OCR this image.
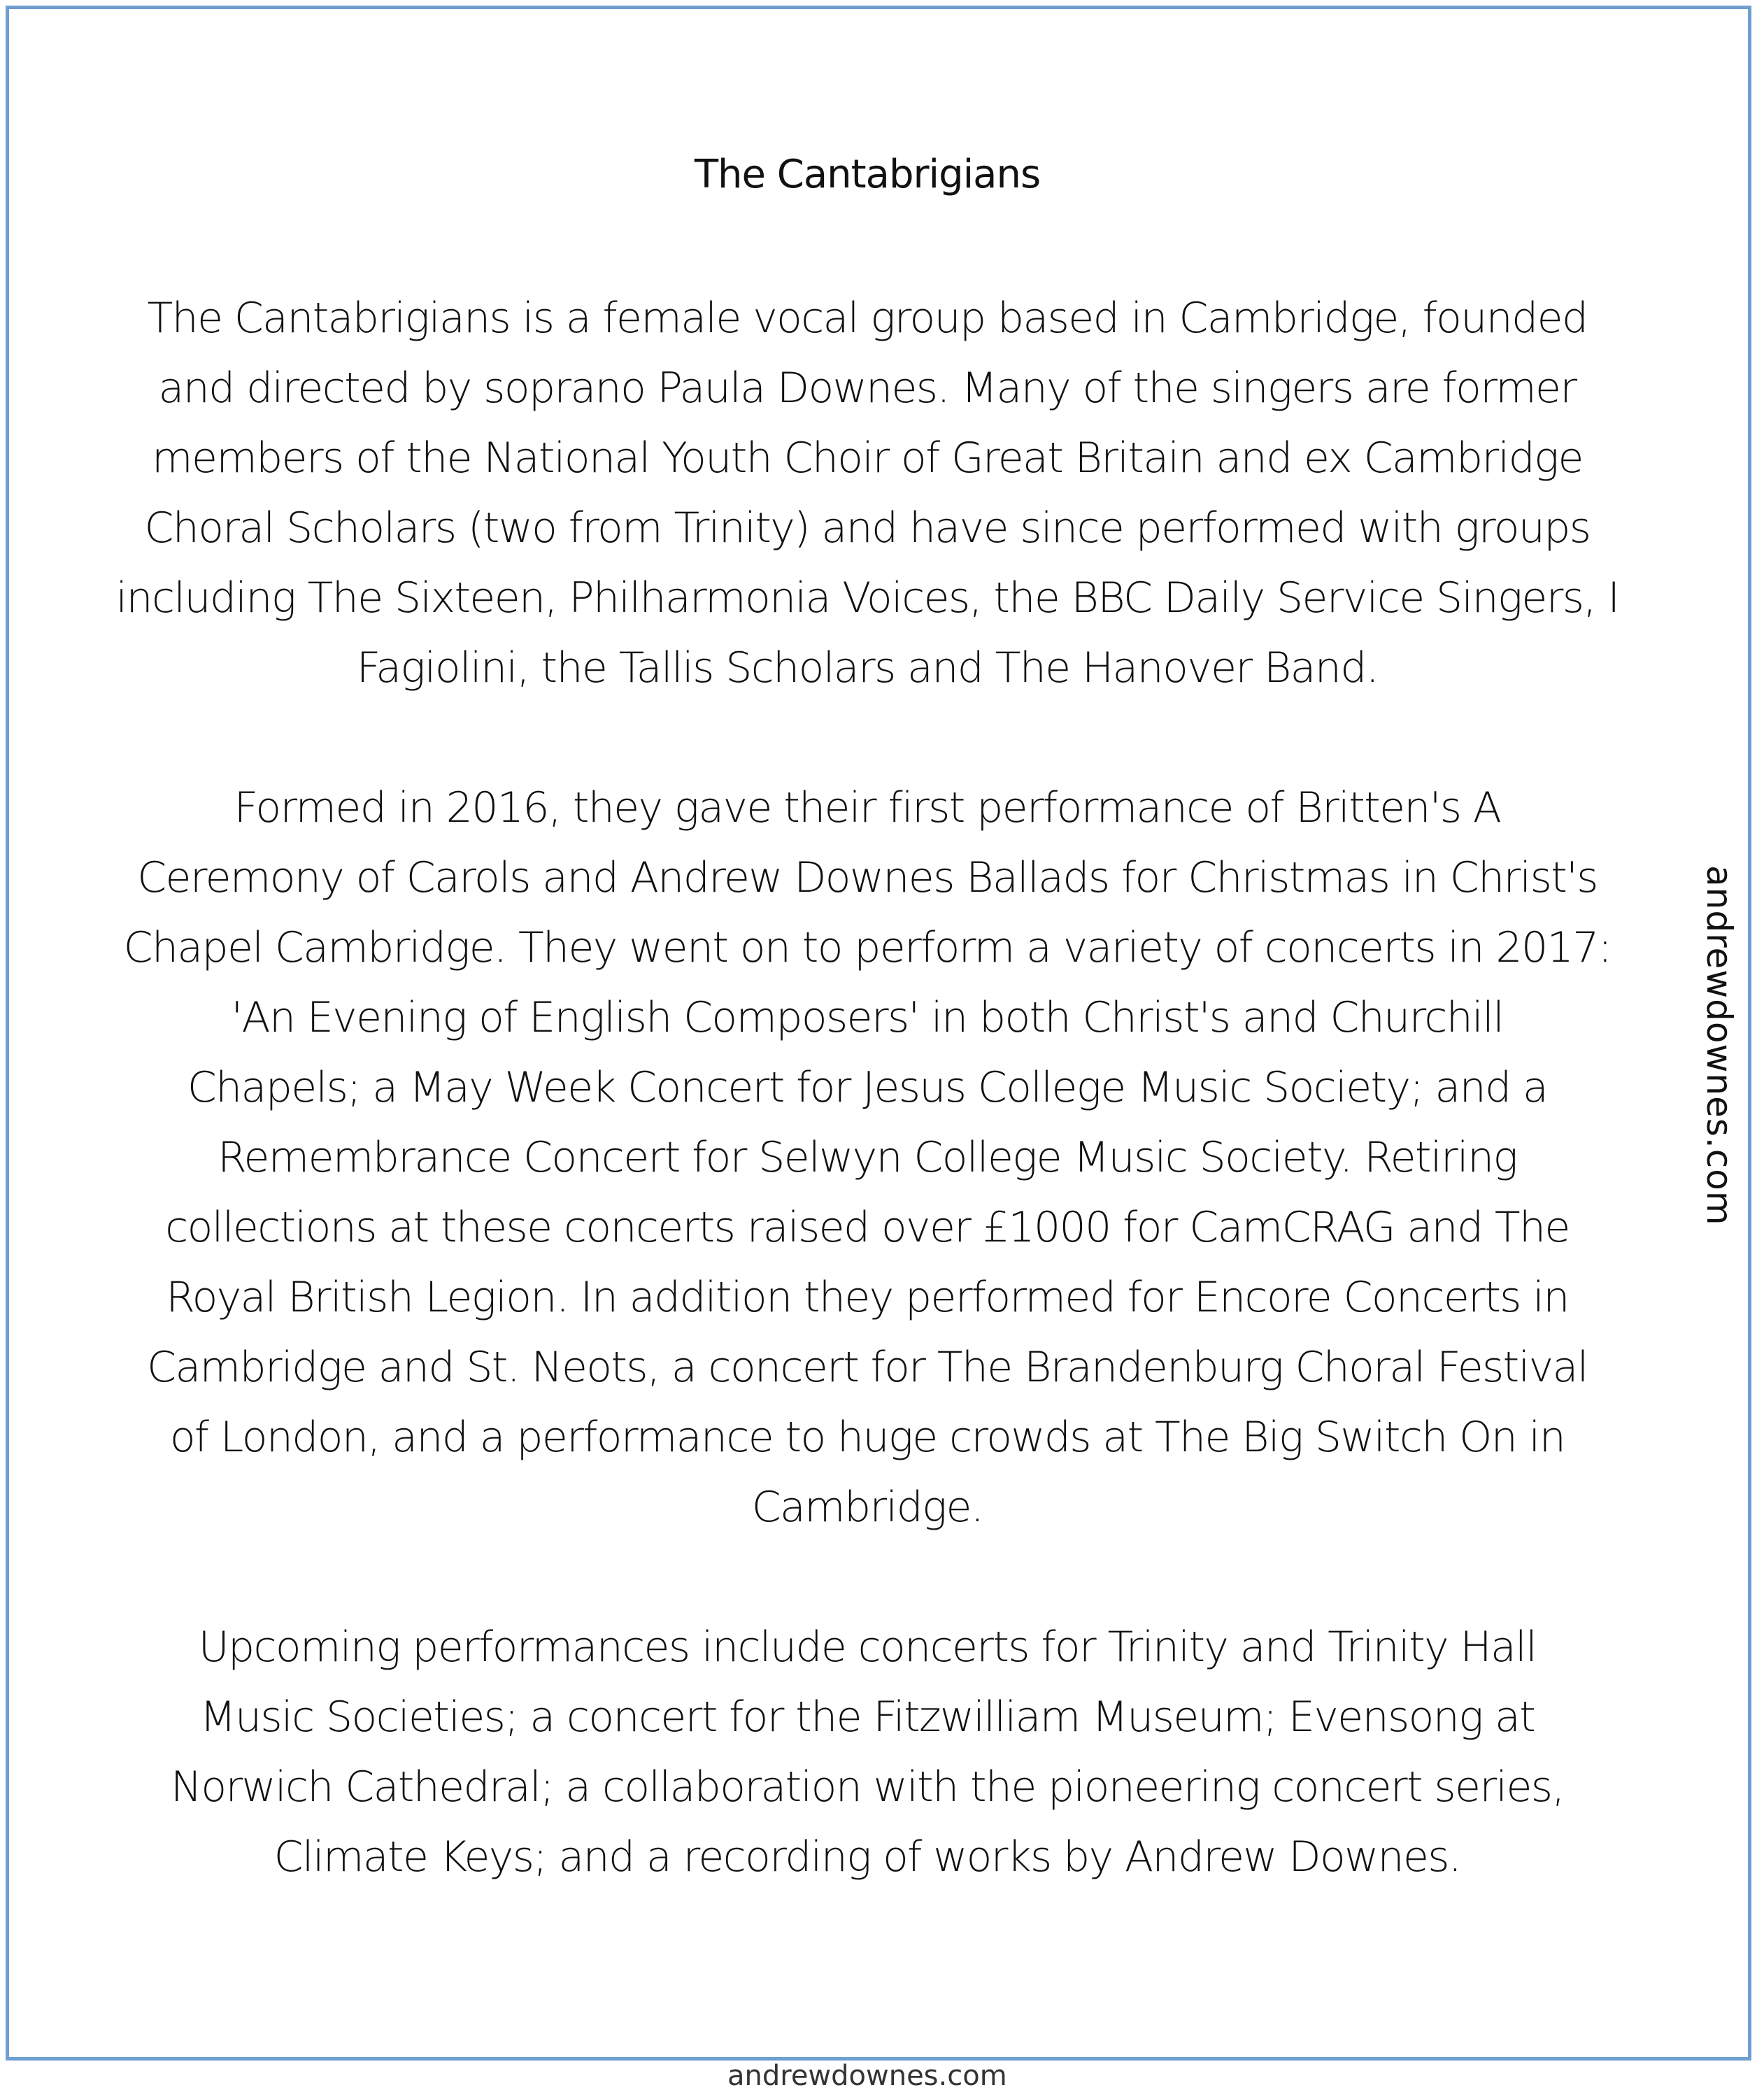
The Cantabrigians

The Cantabrigians is a female vocal group based in Cambridge, founded
and directed by soprano Paula Downes. Many of the singers are former
members of the National Youth Choir of Great Britain and ex Cambridge
Choral Scholars (two from Trinity) and have since performed with groups
including The Sixteen, Philharmonia Voices, the BBC Daily Service Singers, I
Fagiolini, the Tallis Scholars and The Hanover Band.

Formed in 2016, they gave their first performance of Britten's A
Ceremony of Carols and Andrew Downes Ballads for Christmas in Christ's
Chapel Cambridge. They went on to perform a variety of concerts in 2017:
'An Evening of English Composers' in both Christ's and Churchill
Chapels; a May Week Concert for Jesus College Music Society; and a
Remembrance Concert for Selwyn College Music Society. Retiring
collections at these concerts raised over £1000 for CamCRAG and The
Royal British Legion. In addition they performed for Encore Concerts in
Cambridge and St. Neots, a concert for The Brandenburg Choral Festival
of London, and a performance to huge crowds at The Big Switch On in
Cambridge.

Upcoming performances include concerts for Trinity and Trinity Hall
Music Societies; a concert for the Fitzwilliam Museum; Evensong at
Norwich Cathedral; a collaboration with the pioneering concert series,
Climate Keys; and a recording of works by Andrew Downes.

andrewdownes.com
andrewdownes.com
